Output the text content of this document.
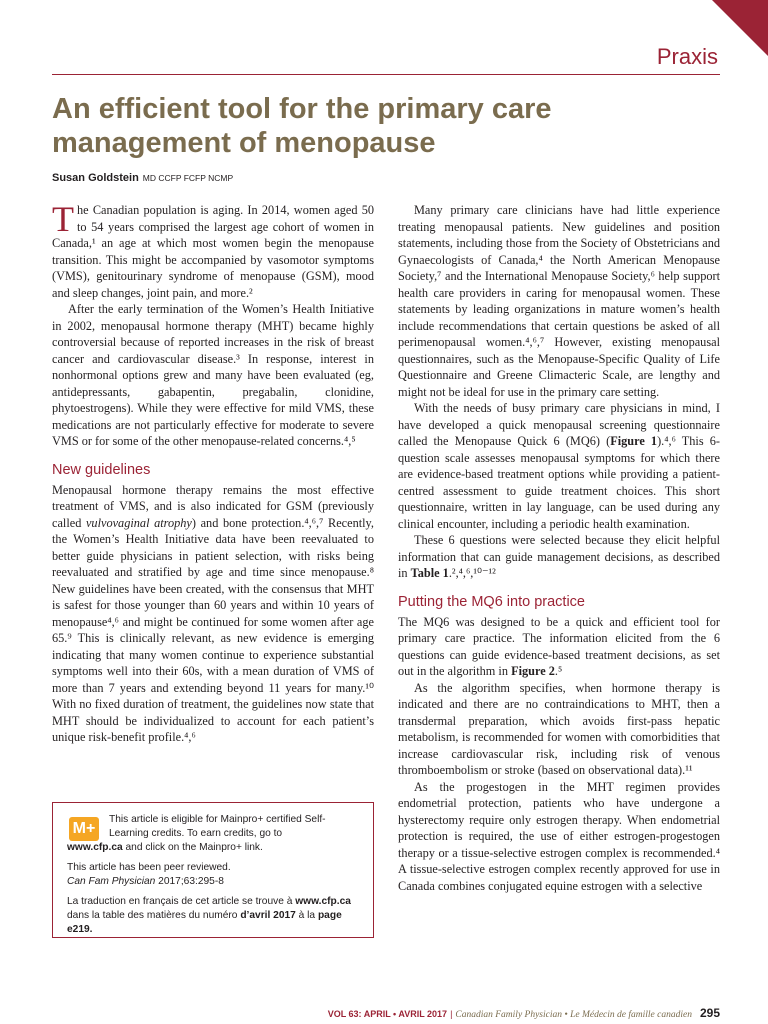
Praxis
An efficient tool for the primary care management of menopause
Susan Goldstein MD CCFP FCFP NCMP

The Canadian population is aging. In 2014, women aged 50 to 54 years comprised the largest age cohort of women in Canada,¹ an age at which most women begin the menopause transition. This might be accompanied by vasomotor symptoms (VMS), genitourinary syndrome of menopause (GSM), mood and sleep changes, joint pain, and more.²

After the early termination of the Women’s Health Initiative in 2002, menopausal hormone therapy (MHT) became highly controversial because of reported increases in the risk of breast cancer and cardiovascular disease.³ In response, interest in nonhormonal options grew and many have been evaluated (eg, antidepressants, gabapentin, pregabalin, clonidine, phytoestrogens). While they were effective for mild VMS, these medications are not particularly effective for moderate to severe VMS or for some of the other menopause-related concerns.⁴,⁵

New guidelines

Menopausal hormone therapy remains the most effective treatment of VMS, and is also indicated for GSM (previously called vulvovaginal atrophy) and bone protection.⁴,⁶,⁷ Recently, the Women’s Health Initiative data have been reevaluated to better guide physicians in patient selection, with risks being reevaluated and stratified by age and time since menopause.⁸ New guidelines have been created, with the consensus that MHT is safest for those younger than 60 years and within 10 years of menopause⁴,⁶ and might be continued for some women after age 65.⁹ This is clinically relevant, as new evidence is emerging indicating that many women continue to experience substantial symptoms well into their 60s, with a mean duration of VMS of more than 7 years and extending beyond 11 years for many.¹⁰ With no fixed duration of treatment, the guidelines now state that MHT should be individualized to account for each patient’s unique risk-benefit profile.⁴,⁶

M+
This article is eligible for Mainpro+ certified Self-Learning credits. To earn credits, go to
www.cfp.ca and click on the Mainpro+ link.
This article has been peer reviewed.
Can Fam Physician 2017;63:295-8
La traduction en français de cet article se trouve à www.cfp.ca dans la table des matières du numéro d’avril 2017 à la page e219.

Many primary care clinicians have had little experience treating menopausal patients. New guidelines and position statements, including those from the Society of Obstetricians and Gynaecologists of Canada,⁴ the North American Menopause Society,⁷ and the International Menopause Society,⁶ help support health care providers in caring for menopausal women. These statements by leading organizations in mature women’s health include recommendations that certain questions be asked of all perimenopausal women.⁴,⁶,⁷ However, existing menopausal questionnaires, such as the Menopause-Specific Quality of Life Questionnaire and Greene Climacteric Scale, are lengthy and might not be ideal for use in the primary care setting.

With the needs of busy primary care physicians in mind, I have developed a quick menopausal screening questionnaire called the Menopause Quick 6 (MQ6) (Figure 1).⁴,⁶ This 6-question scale assesses menopausal symptoms for which there are evidence-based treatment options while providing a patient-centred assessment to guide treatment choices. This short questionnaire, written in lay language, can be used during any clinical encounter, including a periodic health examination.

These 6 questions were selected because they elicit helpful information that can guide management decisions, as described in Table 1.²,⁴,⁶,¹⁰⁻¹²

Putting the MQ6 into practice

The MQ6 was designed to be a quick and efficient tool for primary care practice. The information elicited from the 6 questions can guide evidence-based treatment decisions, as set out in the algorithm in Figure 2.⁵

As the algorithm specifies, when hormone therapy is indicated and there are no contraindications to MHT, then a transdermal preparation, which avoids first-pass hepatic metabolism, is recommended for women with comorbidities that increase cardiovascular risk, including risk of venous thromboembolism or stroke (based on observational data).¹¹

As the progestogen in the MHT regimen provides endometrial protection, patients who have undergone a hysterectomy require only estrogen therapy. When endometrial protection is required, the use of either estrogen-progestogen therapy or a tissue-selective estrogen complex is recommended.⁴ A tissue-selective estrogen complex recently approved for use in Canada combines conjugated equine estrogen with a selective

VOL 63: APRIL • AVRIL 2017 | Canadian Family Physician • Le Médecin de famille canadien 295
